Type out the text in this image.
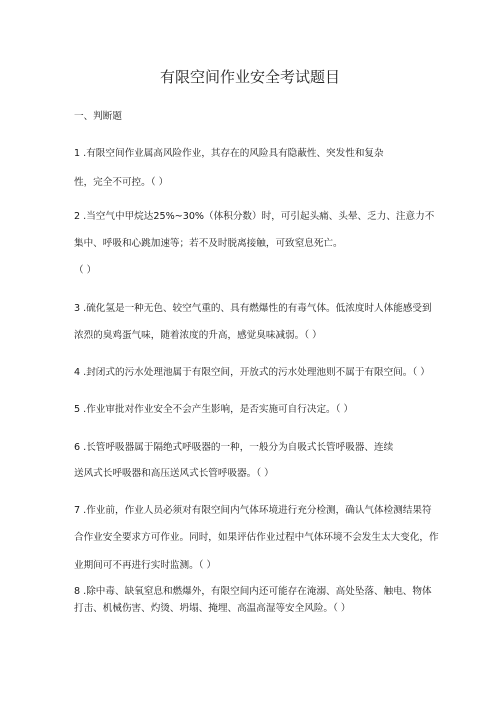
有限空间作业安全考试题目
一、判断题
1 .有限空间作业属高风险作业，其存在的风险具有隐蔽性、突发性和复杂
性，完全不可控。（ ）
2 .当空气中甲烷达25%~30%（体积分数）时，可引起头痛、头晕、乏力、注意力不
集中、呼吸和心跳加速等；若不及时脱离接触，可致窒息死亡。
（ ）
3 .硫化氢是一种无色、较空气重的、具有燃爆性的有毒气体。低浓度时人体能感受到
浓烈的臭鸡蛋气味，随着浓度的升高，感觉臭味减弱。（ ）
4 .封闭式的污水处理池属于有限空间，开放式的污水处理池则不属于有限空间。（ ）
5 .作业审批对作业安全不会产生影响，是否实施可自行决定。（ ）
6 .长管呼吸器属于隔绝式呼吸器的一种，一般分为自吸式长管呼吸器、连续
送风式长呼吸器和高压送风式长管呼吸器。（ ）
7 .作业前，作业人员必须对有限空间内气体环境进行充分检测，确认气体检测结果符
合作业安全要求方可作业。同时，如果评估作业过程中气体环境不会发生太大变化，作
业期间可不再进行实时监测。（ ）
8 .除中毒、缺氧窒息和燃爆外，有限空间内还可能存在淹溺、高处坠落、触电、物体
打击、机械伤害、灼烫、坍塌、掩埋、高温高湿等安全风险。（ ）
